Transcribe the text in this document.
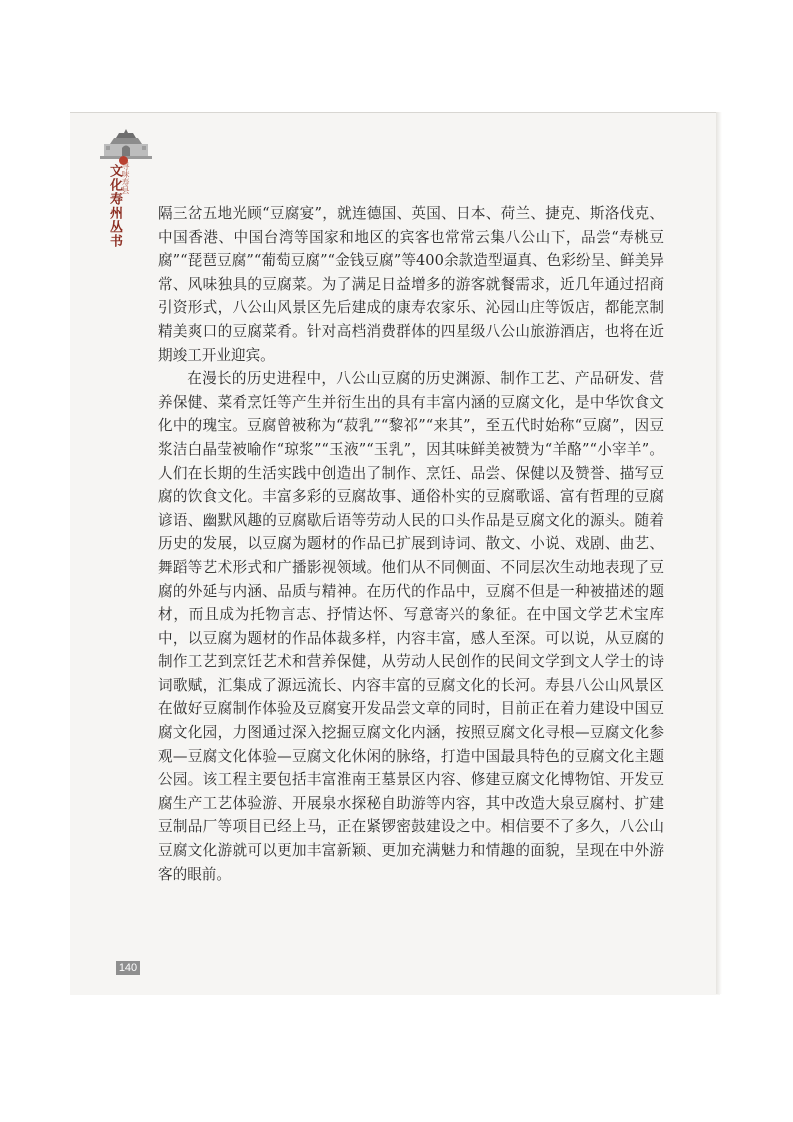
寻味寿县
文化寿州丛书 隔三岔五地光顾“豆腐宴”，就连德国、英国、日本、荷兰、捷克、斯洛伐克、中国香港、中国台湾等国家和地区的宾客也常常云集八公山下，品尝“寿桃豆腐”“琵琶豆腐”“葡萄豆腐”“金钱豆腐”等400余款造型逼真、色彩纷呈、鲜美异常、风味独具的豆腐菜。为了满足日益增多的游客就餐需求，近几年通过招商引资形式，八公山风景区先后建成的康寿农家乐、沁园山庄等饭店，都能烹制精美爽口的豆腐菜肴。针对高档消费群体的四星级八公山旅游酒店，也将在近期竣工开业迎宾。

在漫长的历史进程中，八公山豆腐的历史渊源、制作工艺、产品研发、营养保健、菜肴烹饪等产生并衍生出的具有丰富内涵的豆腐文化，是中华饮食文化中的瑰宝。豆腐曾被称为“菽乳”“黎祁”“来其”，至五代时始称“豆腐”，因豆浆洁白晶莹被喻作“琼浆”“玉液”“玉乳”，因其味鲜美被赞为“羊酪”“小宰羊”。人们在长期的生活实践中创造出了制作、烹饪、品尝、保健以及赞誉、描写豆腐的饮食文化。丰富多彩的豆腐故事、通俗朴实的豆腐歌谣、富有哲理的豆腐谚语、幽默风趣的豆腐歇后语等劳动人民的口头作品是豆腐文化的源头。随着历史的发展，以豆腐为题材的作品已扩展到诗词、散文、小说、戏剧、曲艺、舞蹈等艺术形式和广播影视领域。他们从不同侧面、不同层次生动地表现了豆腐的外延与内涵、品质与精神。在历代的作品中，豆腐不但是一种被描述的题材，而且成为托物言志、抒情达怀、写意寄兴的象征。在中国文学艺术宝库中，以豆腐为题材的作品体裁多样，内容丰富，感人至深。可以说，从豆腐的制作工艺到烹饪艺术和营养保健，从劳动人民创作的民间文学到文人学士的诗词歌赋，汇集成了源远流长、内容丰富的豆腐文化的长河。寿县八公山风景区在做好豆腐制作体验及豆腐宴开发品尝文章的同时，目前正在着力建设中国豆腐文化园，力图通过深入挖掘豆腐文化内涵，按照豆腐文化寻根—豆腐文化参观—豆腐文化体验—豆腐文化休闲的脉络，打造中国最具特色的豆腐文化主题公园。该工程主要包括丰富淮南王墓景区内容、修建豆腐文化博物馆、开发豆腐生产工艺体验游、开展泉水探秘自助游等内容，其中改造大泉豆腐村、扩建豆制品厂等项目已经上马，正在紧锣密鼓建设之中。相信要不了多久，八公山豆腐文化游就可以更加丰富新颖、更加充满魅力和情趣的面貌，呈现在中外游客的眼前。

140
